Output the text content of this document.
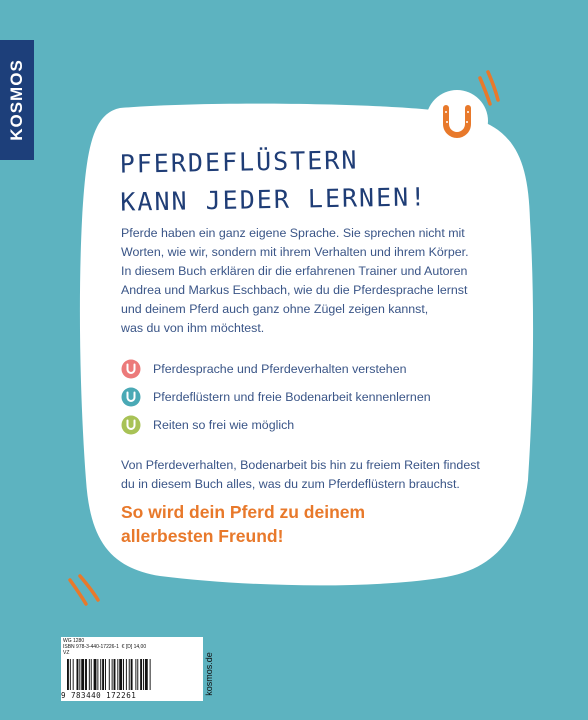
KOSMOS
PFERDEFLÜSTERN
KANN JEDER LERNEN!
Pferde haben ein ganz eigene Sprache. Sie sprechen nicht mit
Worten, wie wir, sondern mit ihrem Verhalten und ihrem Körper.
In diesem Buch erklären dir die erfahrenen Trainer und Autoren
Andrea und Markus Eschbach, wie du die Pferdesprache lernst
und deinem Pferd auch ganz ohne Zügel zeigen kannst,
was du von ihm möchtest.
Pferdesprache und Pferdeverhalten verstehen
Pferdeflüstern und freie Bodenarbeit kennenlernen
Reiten so frei wie möglich
Von Pferdeverhalten, Bodenarbeit bis hin zu freiem Reiten findest
du in diesem Buch alles, was du zum Pferdeflüstern brauchst.
So wird dein Pferd zu deinem
allerbesten Freund!
WG 1280
ISBN 978-3-440-17226-1 € [D] 14,00
VZ
9 783440 172261	kosmos.de
